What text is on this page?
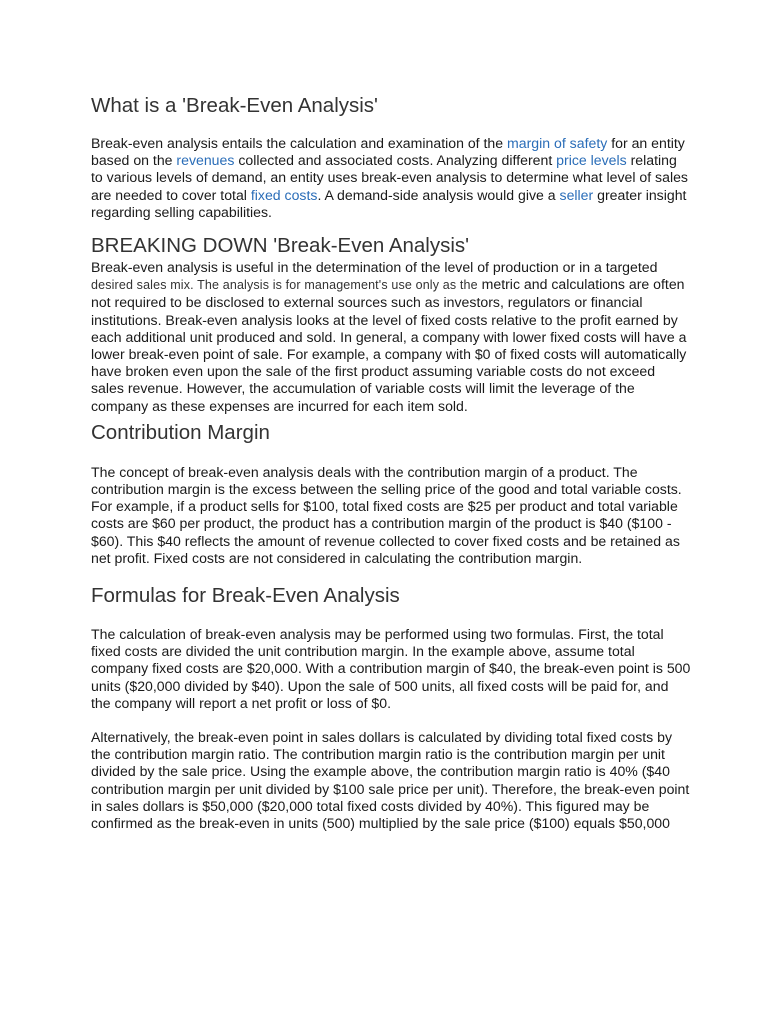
What is a 'Break-Even Analysis'

Break-even analysis entails the calculation and examination of the margin of safety for an entity based on the revenues collected and associated costs. Analyzing different price levels relating to various levels of demand, an entity uses break-even analysis to determine what level of sales are needed to cover total fixed costs. A demand-side analysis would give a seller greater insight regarding selling capabilities.

BREAKING DOWN 'Break-Even Analysis'

Break-even analysis is useful in the determination of the level of production or in a targeted desired sales mix. The analysis is for management's use only as the metric and calculations are often not required to be disclosed to external sources such as investors, regulators or financial institutions. Break-even analysis looks at the level of fixed costs relative to the profit earned by each additional unit produced and sold. In general, a company with lower fixed costs will have a lower break-even point of sale. For example, a company with $0 of fixed costs will automatically have broken even upon the sale of the first product assuming variable costs do not exceed sales revenue. However, the accumulation of variable costs will limit the leverage of the company as these expenses are incurred for each item sold.

Contribution Margin

The concept of break-even analysis deals with the contribution margin of a product. The contribution margin is the excess between the selling price of the good and total variable costs. For example, if a product sells for $100, total fixed costs are $25 per product and total variable costs are $60 per product, the product has a contribution margin of the product is $40 ($100 - $60). This $40 reflects the amount of revenue collected to cover fixed costs and be retained as net profit. Fixed costs are not considered in calculating the contribution margin.

Formulas for Break-Even Analysis

The calculation of break-even analysis may be performed using two formulas. First, the total fixed costs are divided the unit contribution margin. In the example above, assume total company fixed costs are $20,000. With a contribution margin of $40, the break-even point is 500 units ($20,000 divided by $40). Upon the sale of 500 units, all fixed costs will be paid for, and the company will report a net profit or loss of $0.

Alternatively, the break-even point in sales dollars is calculated by dividing total fixed costs by the contribution margin ratio. The contribution margin ratio is the contribution margin per unit divided by the sale price. Using the example above, the contribution margin ratio is 40% ($40 contribution margin per unit divided by $100 sale price per unit). Therefore, the break-even point in sales dollars is $50,000 ($20,000 total fixed costs divided by 40%). This figured may be confirmed as the break-even in units (500) multiplied by the sale price ($100) equals $50,000
